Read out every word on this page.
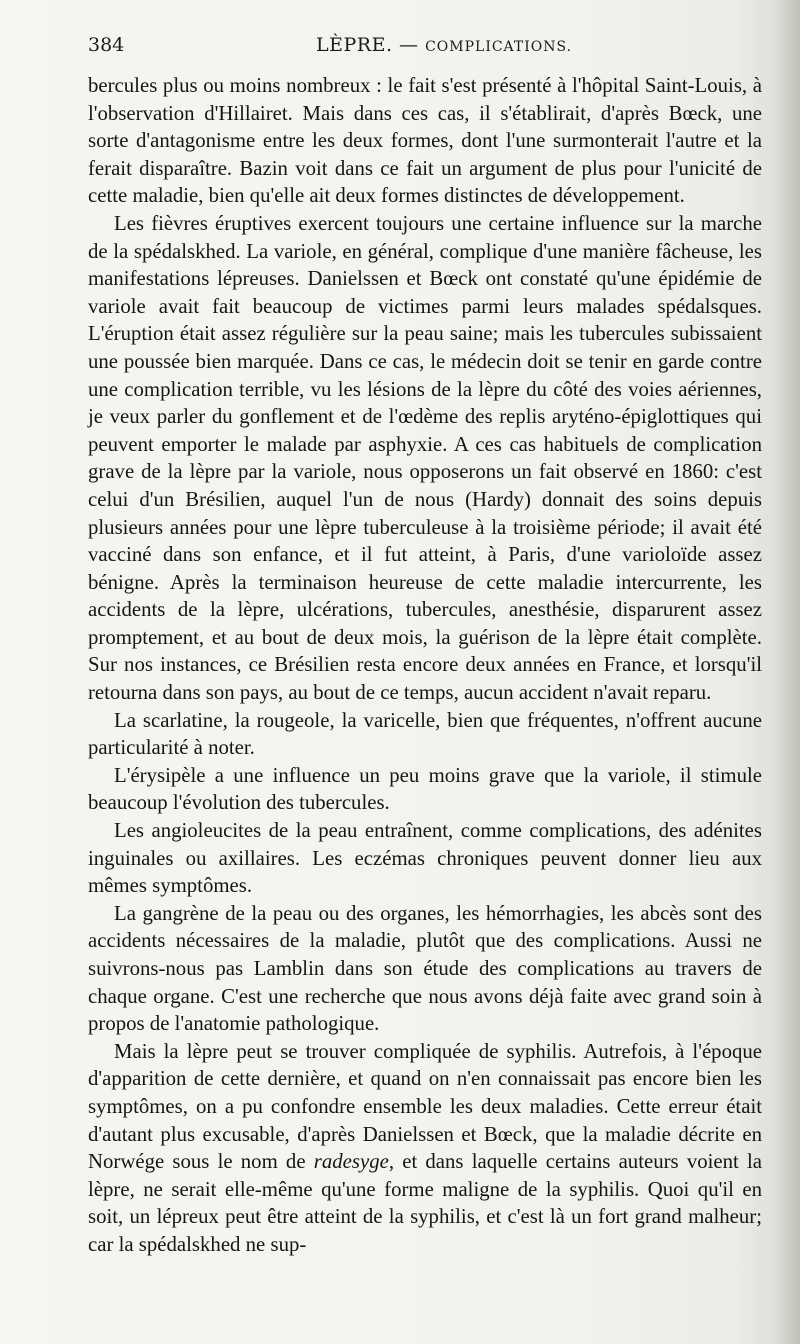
384	LÈPRE. — COMPLICATIONS.

bercules plus ou moins nombreux : le fait s'est présenté à l'hôpital Saint-Louis, à l'observation d'Hillairet. Mais dans ces cas, il s'établirait, d'après Bœck, une sorte d'antagonisme entre les deux formes, dont l'une surmonterait l'autre et la ferait disparaître. Bazin voit dans ce fait un argument de plus pour l'unicité de cette maladie, bien qu'elle ait deux formes distinctes de développement.

Les fièvres éruptives exercent toujours une certaine influence sur la marche de la spédalskhed. La variole, en général, complique d'une manière fâcheuse, les manifestations lépreuses. Danielssen et Bœck ont constaté qu'une épidémie de variole avait fait beaucoup de victimes parmi leurs malades spédalsques. L'éruption était assez régulière sur la peau saine; mais les tubercules subissaient une poussée bien marquée. Dans ce cas, le médecin doit se tenir en garde contre une complication terrible, vu les lésions de la lèpre du côté des voies aériennes, je veux parler du gonflement et de l'œdème des replis aryténo-épiglottiques qui peuvent emporter le malade par asphyxie. A ces cas habituels de complication grave de la lèpre par la variole, nous opposerons un fait observé en 1860: c'est celui d'un Brésilien, auquel l'un de nous (Hardy) donnait des soins depuis plusieurs années pour une lèpre tuberculeuse à la troisième période; il avait été vacciné dans son enfance, et il fut atteint, à Paris, d'une varioloïde assez bénigne. Après la terminaison heureuse de cette maladie intercurrente, les accidents de la lèpre, ulcérations, tubercules, anesthésie, disparurent assez promptement, et au bout de deux mois, la guérison de la lèpre était complète. Sur nos instances, ce Brésilien resta encore deux années en France, et lorsqu'il retourna dans son pays, au bout de ce temps, aucun accident n'avait reparu.

La scarlatine, la rougeole, la varicelle, bien que fréquentes, n'offrent aucune particularité à noter.

L'érysipèle a une influence un peu moins grave que la variole, il stimule beaucoup l'évolution des tubercules.

Les angioleucites de la peau entraînent, comme complications, des adénites inguinales ou axillaires. Les eczémas chroniques peuvent donner lieu aux mêmes symptômes.

La gangrène de la peau ou des organes, les hémorrhagies, les abcès sont des accidents nécessaires de la maladie, plutôt que des complications. Aussi ne suivrons-nous pas Lamblin dans son étude des complications au travers de chaque organe. C'est une recherche que nous avons déjà faite avec grand soin à propos de l'anatomie pathologique.

Mais la lèpre peut se trouver compliquée de syphilis. Autrefois, à l'époque d'apparition de cette dernière, et quand on n'en connaissait pas encore bien les symptômes, on a pu confondre ensemble les deux maladies. Cette erreur était d'autant plus excusable, d'après Danielssen et Bœck, que la maladie décrite en Norwége sous le nom de radesyge, et dans laquelle certains auteurs voient la lèpre, ne serait elle-même qu'une forme maligne de la syphilis. Quoi qu'il en soit, un lépreux peut être atteint de la syphilis, et c'est là un fort grand malheur; car la spédalskhed ne sup-
